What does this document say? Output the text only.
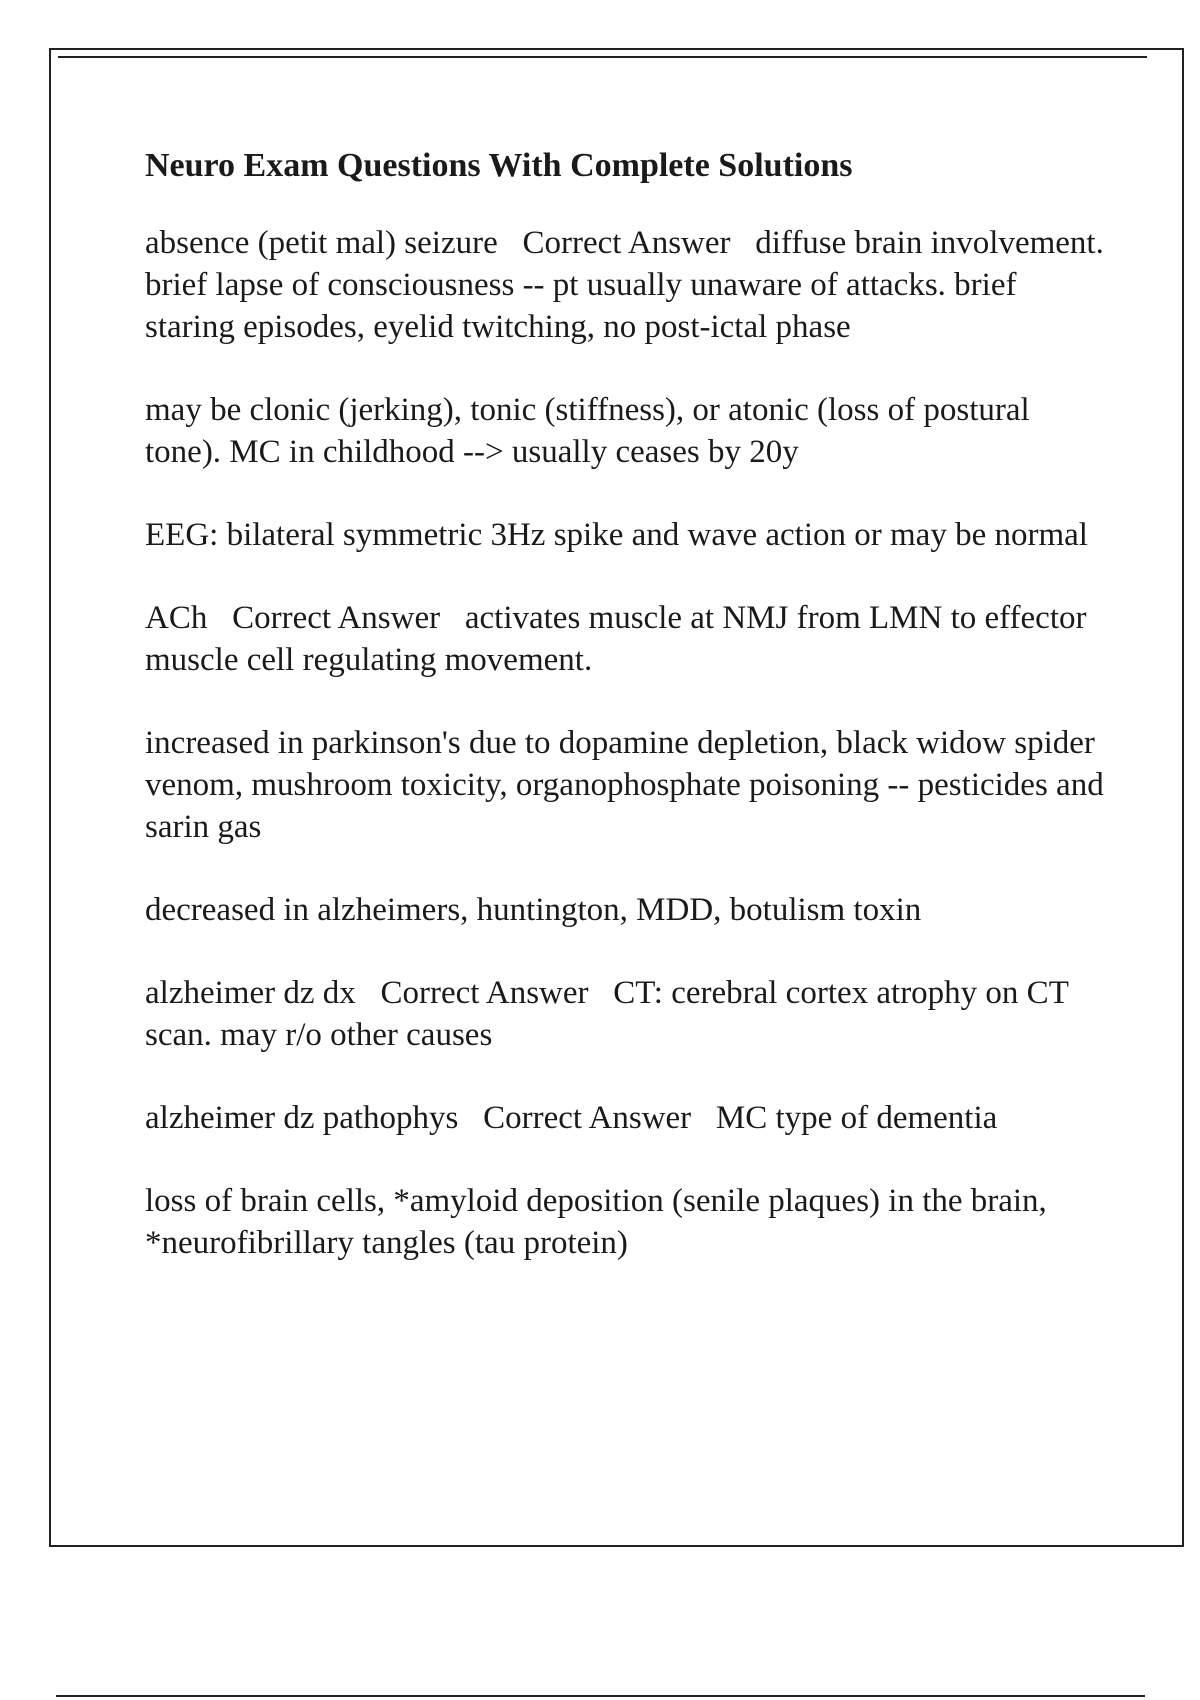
Neuro Exam Questions With Complete Solutions

absence (petit mal) seizure   Correct Answer   diffuse brain involvement. brief lapse of consciousness -- pt usually unaware of attacks. brief staring episodes, eyelid twitching, no post-ictal phase

may be clonic (jerking), tonic (stiffness), or atonic (loss of postural tone). MC in childhood --> usually ceases by 20y

EEG: bilateral symmetric 3Hz spike and wave action or may be normal

ACh   Correct Answer   activates muscle at NMJ from LMN to effector muscle cell regulating movement.

increased in parkinson's due to dopamine depletion, black widow spider venom, mushroom toxicity, organophosphate poisoning -- pesticides and sarin gas

decreased in alzheimers, huntington, MDD, botulism toxin

alzheimer dz dx   Correct Answer   CT: cerebral cortex atrophy on CT scan. may r/o other causes

alzheimer dz pathophys   Correct Answer   MC type of dementia

loss of brain cells, *amyloid deposition (senile plaques) in the brain, *neurofibrillary tangles (tau protein)
